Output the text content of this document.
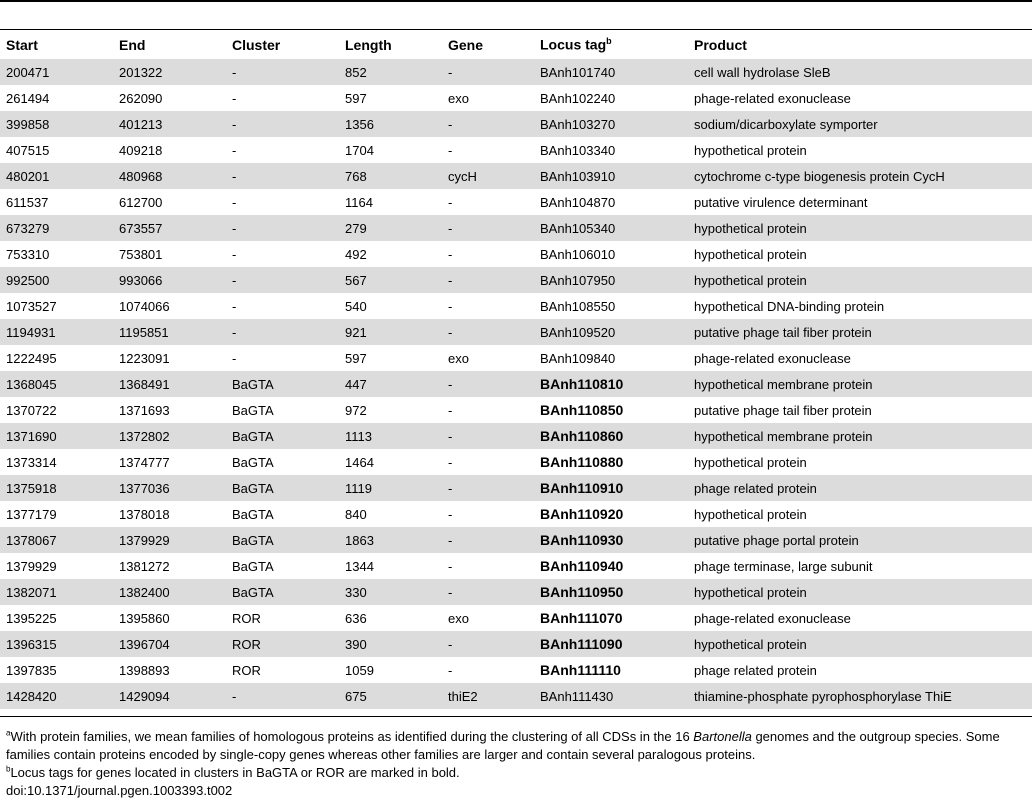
Start	End	Cluster	Length	Gene	Locus tag$^b$	Product
200471	201322	-	852	-	BAnh101740	cell wall hydrolase SleB
261494	262090	-	597	exo	BAnh102240	phage-related exonuclease
399858	401213	-	1356	-	BAnh103270	sodium/dicarboxylate symporter
407515	409218	-	1704	-	BAnh103340	hypothetical protein
480201	480968	-	768	cycH	BAnh103910	cytochrome c-type biogenesis protein CycH
611537	612700	-	1164	-	BAnh104870	putative virulence determinant
673279	673557	-	279	-	BAnh105340	hypothetical protein
753310	753801	-	492	-	BAnh106010	hypothetical protein
992500	993066	-	567	-	BAnh107950	hypothetical protein
1073527	1074066	-	540	-	BAnh108550	hypothetical DNA-binding protein
1194931	1195851	-	921	-	BAnh109520	putative phage tail fiber protein
1222495	1223091	-	597	exo	BAnh109840	phage-related exonuclease
1368045	1368491	BaGTA	447	-	BAnh110810	hypothetical membrane protein
1370722	1371693	BaGTA	972	-	BAnh110850	putative phage tail fiber protein
1371690	1372802	BaGTA	1113	-	BAnh110860	hypothetical membrane protein
1373314	1374777	BaGTA	1464	-	BAnh110880	hypothetical protein
1375918	1377036	BaGTA	1119	-	BAnh110910	phage related protein
1377179	1378018	BaGTA	840	-	BAnh110920	hypothetical protein
1378067	1379929	BaGTA	1863	-	BAnh110930	putative phage portal protein
1379929	1381272	BaGTA	1344	-	BAnh110940	phage terminase, large subunit
1382071	1382400	BaGTA	330	-	BAnh110950	hypothetical protein
1395225	1395860	ROR	636	exo	BAnh111070	phage-related exonuclease
1396315	1396704	ROR	390	-	BAnh111090	hypothetical protein
1397835	1398893	ROR	1059	-	BAnh111110	phage related protein
1428420	1429094	-	675	thiE2	BAnh111430	thiamine-phosphate pyrophosphorylase ThiE

$^a$With protein families, we mean families of homologous proteins as identified during the clustering of all CDSs in the 16 Bartonella genomes and the outgroup species. Some families contain proteins encoded by single-copy genes whereas other families are larger and contain several paralogous proteins.

$^b$Locus tags for genes located in clusters in BaGTA or ROR are marked in bold.

doi:10.1371/journal.pgen.1003393.t002
